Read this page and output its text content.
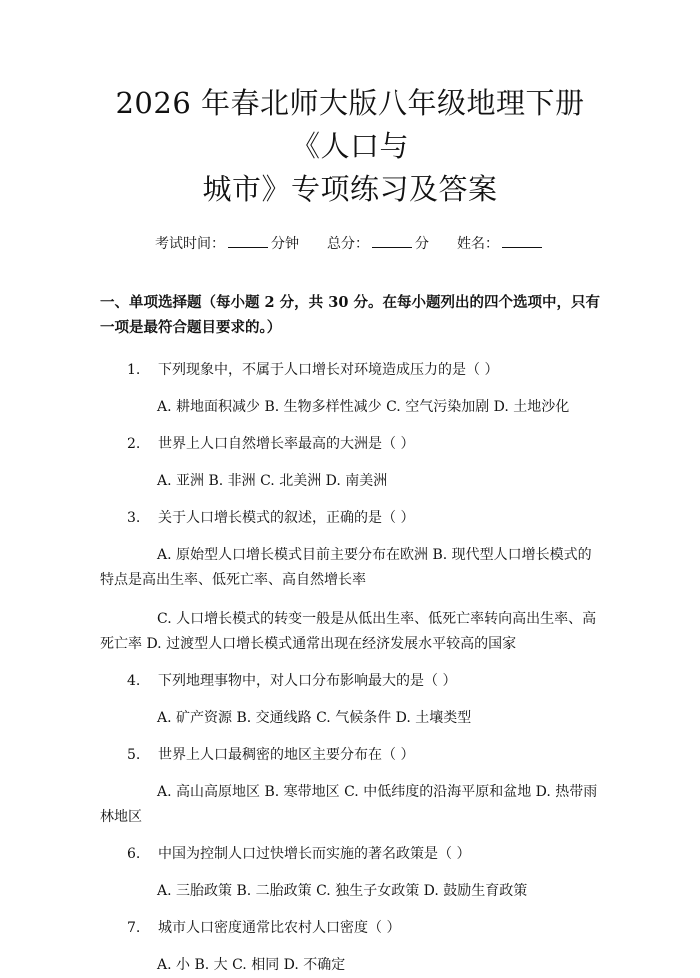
2026 年春北师大版八年级地理下册《人口与
城市》专项练习及答案
考试时间：	分钟 总分：	分 姓名：
一、单项选择题（每小题 2 分，共 30 分。在每小题列出的四个选项中，只有一项是最符合题目要求的。）
1.	下列现象中，不属于人口增长对环境造成压力的是（ ）
A. 耕地面积减少 B. 生物多样性减少 C. 空气污染加剧 D. 土地沙化
2.	世界上人口自然增长率最高的大洲是（ ）
A. 亚洲 B. 非洲 C. 北美洲 D. 南美洲
3.	关于人口增长模式的叙述，正确的是（ ）
A. 原始型人口增长模式目前主要分布在欧洲 B. 现代型人口增长模式的特点是高出生率、低死亡率、高自然增长率
C. 人口增长模式的转变一般是从低出生率、低死亡率转向高出生率、高死亡率 D. 过渡型人口增长模式通常出现在经济发展水平较高的国家
4.	下列地理事物中，对人口分布影响最大的是（ ）
A. 矿产资源 B. 交通线路 C. 气候条件 D. 土壤类型
5.	世界上人口最稠密的地区主要分布在（ ）
A. 高山高原地区 B. 寒带地区 C. 中低纬度的沿海平原和盆地 D. 热带雨林地区
6.	中国为控制人口过快增长而实施的著名政策是（ ）
A. 三胎政策 B. 二胎政策 C. 独生子女政策 D. 鼓励生育政策
7.	城市人口密度通常比农村人口密度（ ）
A. 小 B. 大 C. 相同 D. 不确定
